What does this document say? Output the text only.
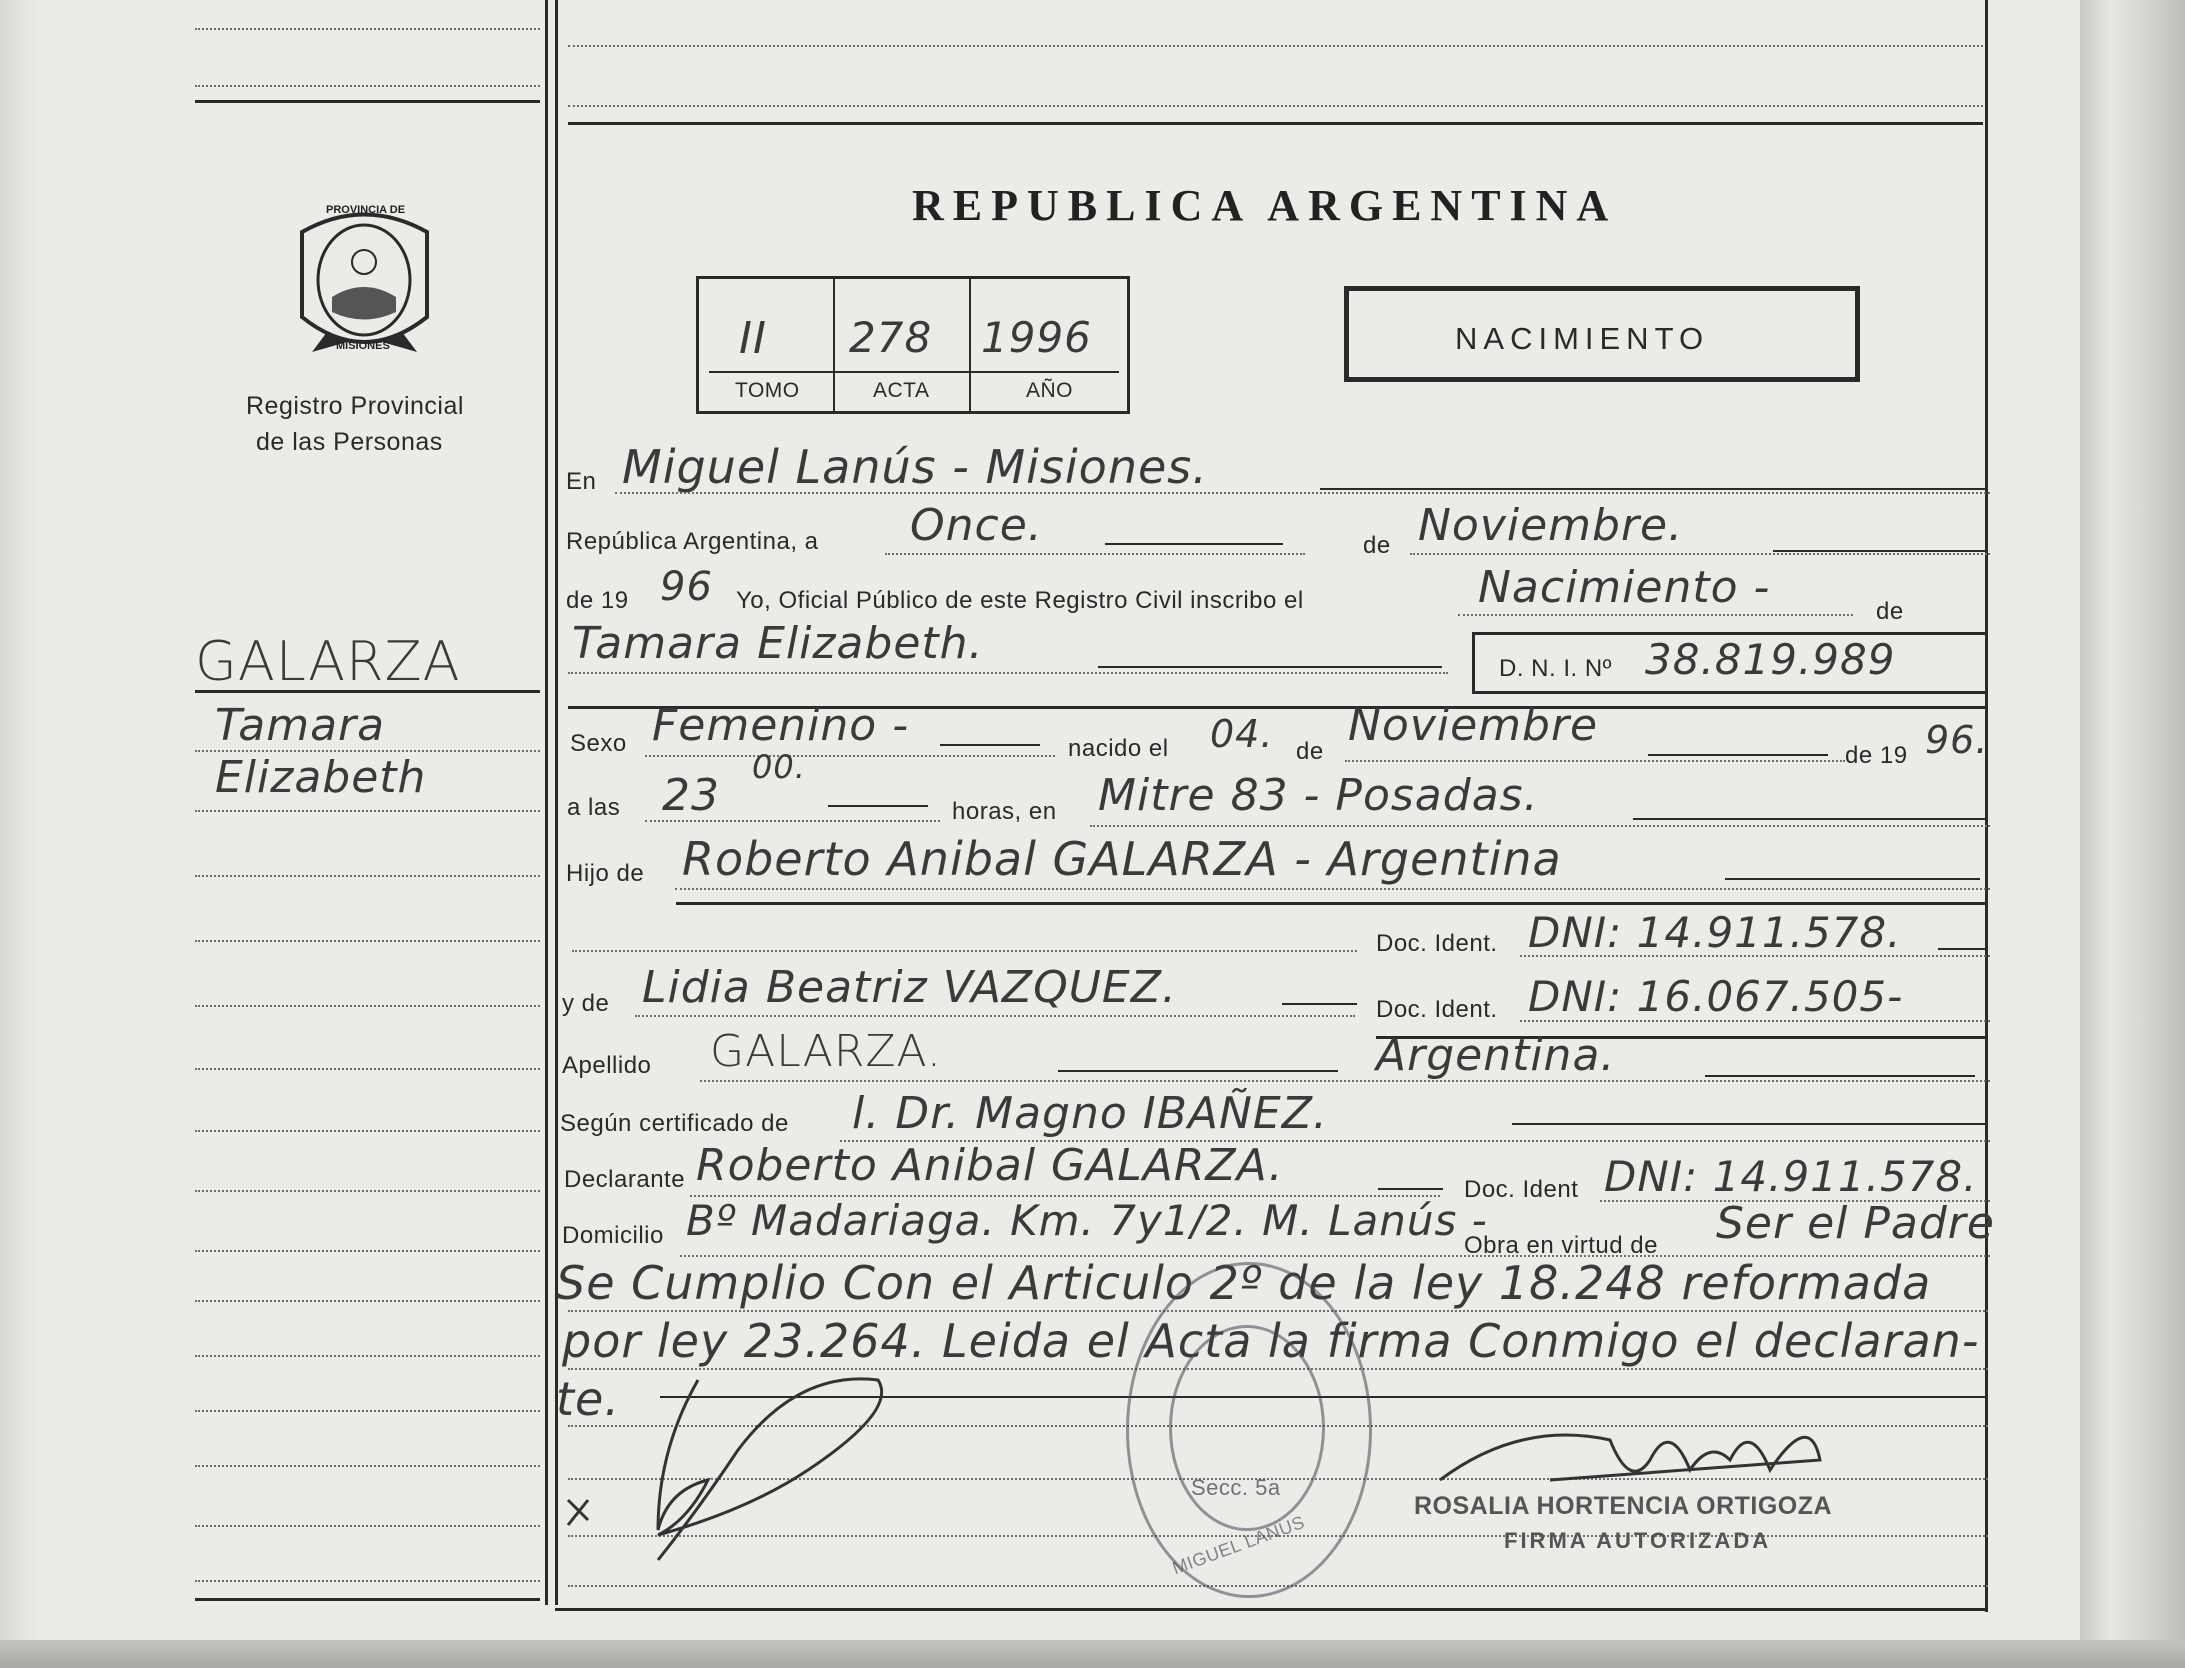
PROVINCIA DE
MISIONES
Registro Provincial
de las Personas
GALARZA
Tamara
Elizabeth
REPUBLICA ARGENTINA
II 278 1996
TOMO	ACTA	AÑO
NACIMIENTO
En Miguel Lanús - Misiones.
República Argentina, a Once.	de Noviembre.
de 19 96 Yo, Oficial Público de este Registro Civil inscribo el	Nacimiento -	de
Tamara Elizabeth.	D. N. I. Nº 38.819.989
Sexo Femenino -	nacido el 04. de
Noviembre
de 19 96.
a las 23
00.
horas, en Mitre 83 - Posadas.
Hijo de Roberto Anibal GALARZA - Argentina
Doc. Ident. DNI: 14.911.578.
y de Lidia Beatriz VAZQUEZ.	Doc. Ident. DNI: 16.067.505-
Apellido GALARZA.	Argentina.
Según certificado de l. Dr. Magno IBAÑEZ.
Declarante Roberto Anibal GALARZA.	Doc. Ident DNI: 14.911.578.
Domicilio Bº Madariaga. Km. 7y1/2. M. Lanús -
Obra en virtud de Ser el Padre
Se Cumplio Con el Articulo 2º de la ley 18.248 reformada
por ley 23.264. Leida el Acta la firma Conmigo el declaran-
te.
Secc. 5a
MIGUEL LANUS
ROSALIA HORTENCIA ORTIGOZA
FIRMA AUTORIZADA
